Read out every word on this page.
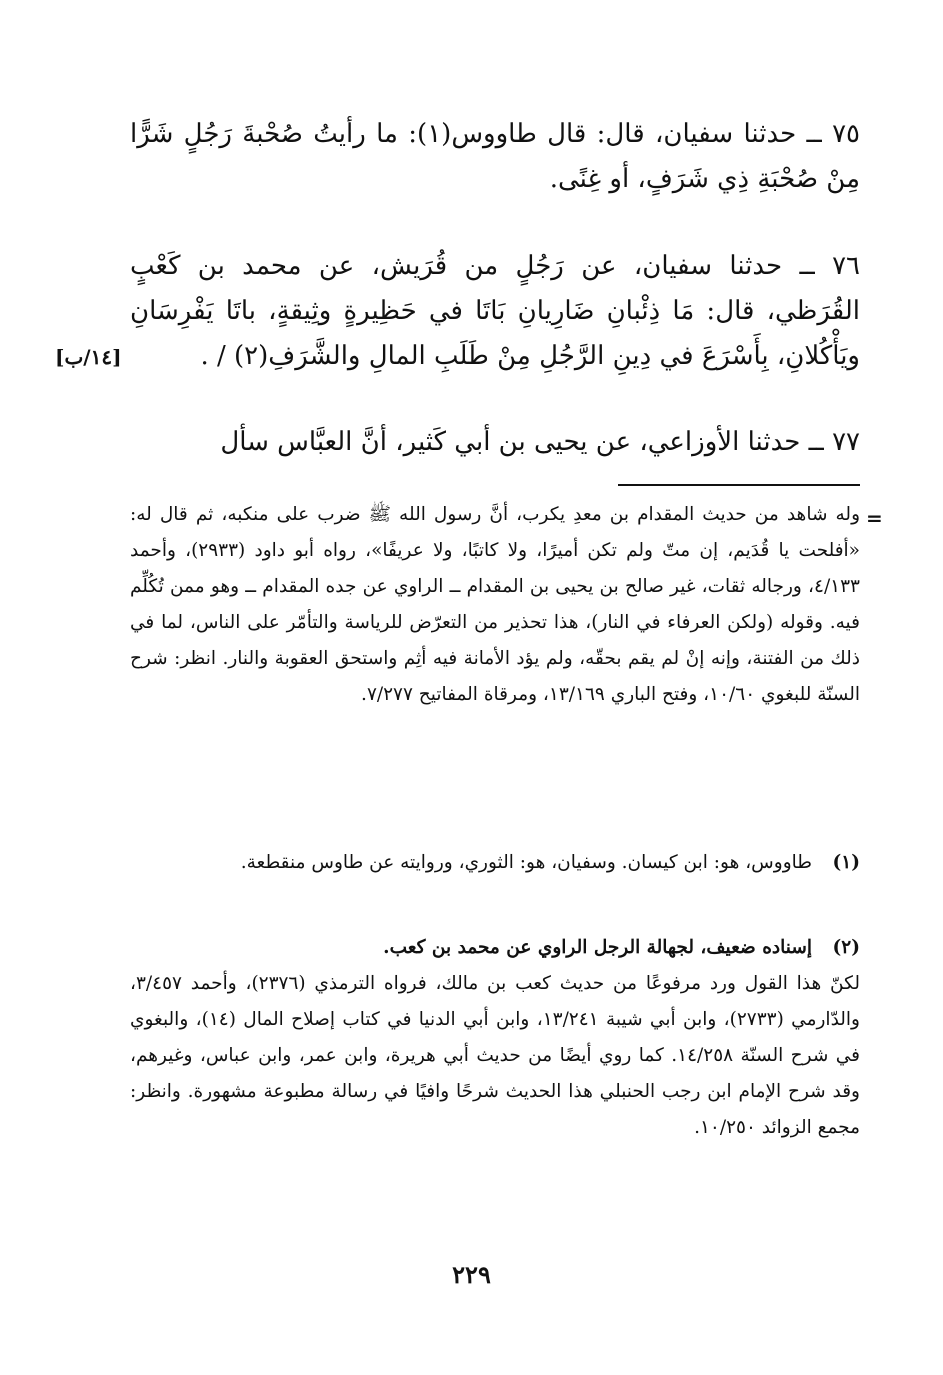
٧٥ ــ حدثنا سفيان، قال: قال طاووس(١): ما رأيتُ صُحْبةَ رَجُلٍ شَرًّا مِنْ صُحْبَةِ ذِي شَرَفٍ، أو غِنًى.

٧٦ ــ حدثنا سفيان، عن رَجُلٍ من قُرَيش، عن محمد بن كَعْبٍ القُرَظي، قال: مَا ذِئْبانِ ضَارِيانِ بَاتَا في حَظِيرةٍ وثِيقةٍ، باتَا يَفْرِسَانِ ويَأْكُلانِ، بِأَسْرَعَ في دِينِ الرَّجُلِ مِنْ طَلَبِ المالِ والشَّرَفِ(٢) / .

[١٤/ب]

٧٧ ــ حدثنا الأوزاعي، عن يحيى بن أبي كَثير، أنَّ العبَّاس سأل

=

وله شاهد من حديث المقدام بن معدِ يكرب، أنَّ رسول الله ﷺ ضرب على منكبه، ثم قال له: «أفلحت يا قُدَيم، إن متّ ولم تكن أميرًا، ولا كاتبًا، ولا عريفًا»، رواه أبو داود (٢٩٣٣)، وأحمد ٤/١٣٣، ورجاله ثقات، غير صالح بن يحيى بن المقدام ــ الراوي عن جده المقدام ــ وهو ممن تُكُلِّم فيه. وقوله (ولكن العرفاء في النار)، هذا تحذير من التعرّض للرياسة والتأمّر على الناس، لما في ذلك من الفتنة، وإنه إنْ لم يقم بحقّه، ولم يؤد الأمانة فيه أثِم واستحق العقوبة والنار. انظر: شرح السنّة للبغوي ١٠/٦٠، وفتح الباري ١٣/١٦٩، ومرقاة المفاتيح ٧/٢٧٧.

(١)

طاووس، هو: ابن كيسان. وسفيان، هو: الثوري، وروايته عن طاوس منقطعة.

(٢)

إسناده ضعيف، لجهالة الرجل الراوي عن محمد بن كعب.

لكنّ هذا القول ورد مرفوعًا من حديث كعب بن مالك، فرواه الترمذي (٢٣٧٦)، وأحمد ٣/٤٥٧، والدّارمي (٢٧٣٣)، وابن أبي شيبة ١٣/٢٤١، وابن أبي الدنيا في كتاب إصلاح المال (١٤)، والبغوي في شرح السنّة ١٤/٢٥٨. كما روي أيضًا من حديث أبي هريرة، وابن عمر، وابن عباس، وغيرهم، وقد شرح الإمام ابن رجب الحنبلي هذا الحديث شرحًا وافيًا في رسالة مطبوعة مشهورة. وانظر: مجمع الزوائد ١٠/٢٥٠.

٢٢٩
